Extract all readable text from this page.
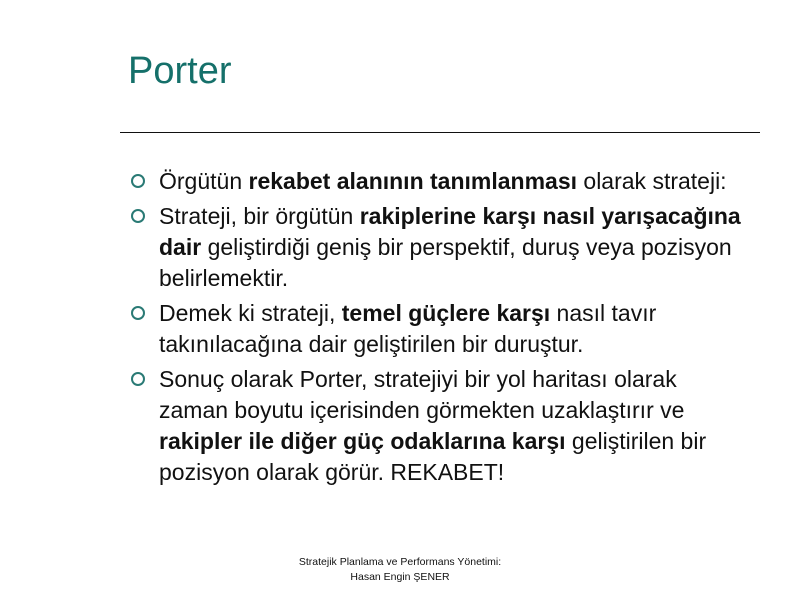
Porter
Örgütün rekabet alanının tanımlanması olarak strateji:
Strateji, bir örgütün rakiplerine karşı nasıl yarışacağına dair geliştirdiği geniş bir perspektif, duruş veya pozisyon belirlemektir.
Demek ki strateji, temel güçlere karşı nasıl tavır takınılacağına dair geliştirilen bir duruştur.
Sonuç olarak Porter, stratejiyi bir yol haritası olarak zaman boyutu içerisinden görmekten uzaklaştırır ve rakipler ile diğer güç odaklarına karşı geliştirilen bir pozisyon olarak görür. REKABET!
Stratejik Planlama ve Performans Yönetimi:
Hasan Engin ŞENER
